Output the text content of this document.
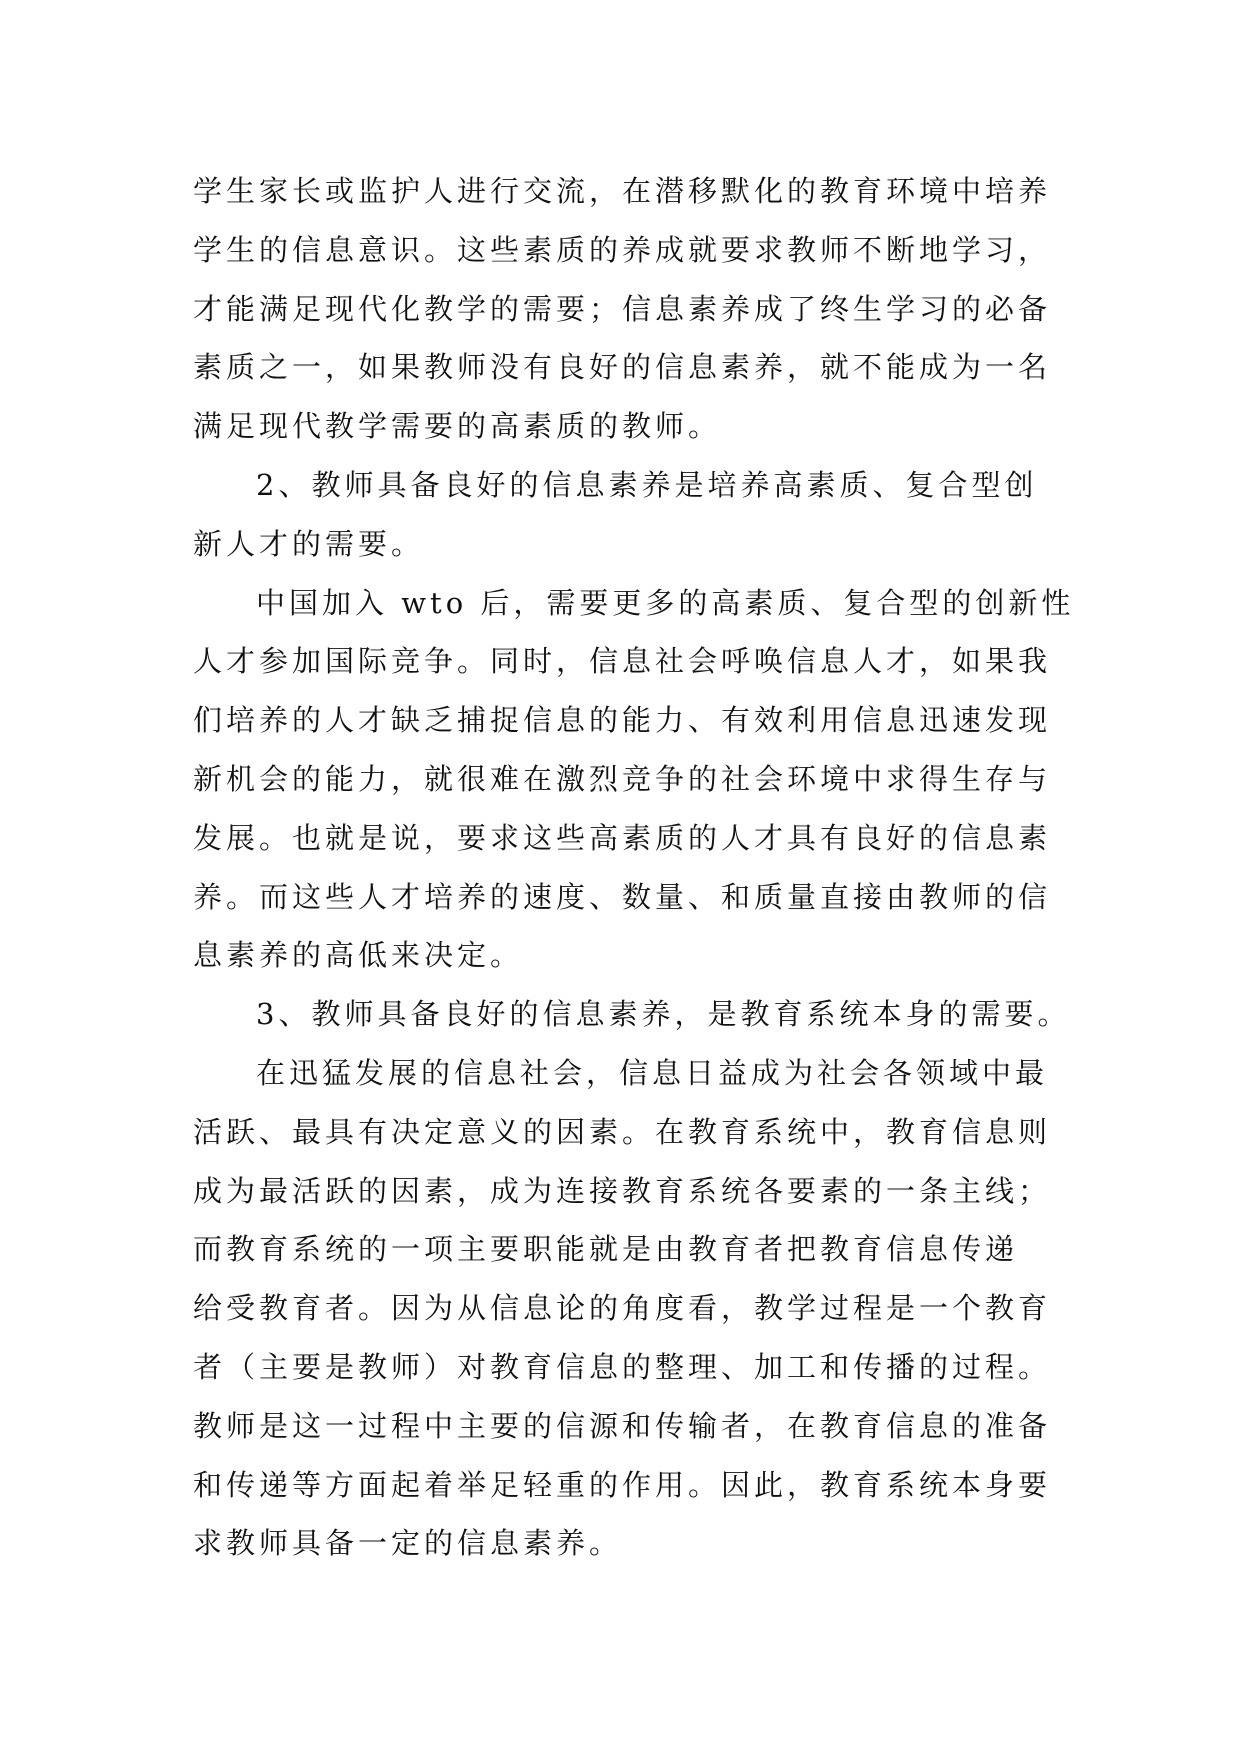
学生家长或监护人进行交流，在潜移默化的教育环境中培养
学生的信息意识。这些素质的养成就要求教师不断地学习，
才能满足现代化教学的需要；信息素养成了终生学习的必备
素质之一，如果教师没有良好的信息素养，就不能成为一名
满足现代教学需要的高素质的教师。
2、教师具备良好的信息素养是培养高素质、复合型创
新人才的需要。
中国加入 wto 后，需要更多的高素质、复合型的创新性
人才参加国际竞争。同时，信息社会呼唤信息人才，如果我
们培养的人才缺乏捕捉信息的能力、有效利用信息迅速发现
新机会的能力，就很难在激烈竞争的社会环境中求得生存与
发展。也就是说，要求这些高素质的人才具有良好的信息素
养。而这些人才培养的速度、数量、和质量直接由教师的信
息素养的高低来决定。
3、教师具备良好的信息素养，是教育系统本身的需要。
在迅猛发展的信息社会，信息日益成为社会各领域中最
活跃、最具有决定意义的因素。在教育系统中，教育信息则
成为最活跃的因素，成为连接教育系统各要素的一条主线；
而教育系统的一项主要职能就是由教育者把教育信息传递
给受教育者。因为从信息论的角度看，教学过程是一个教育
者（主要是教师）对教育信息的整理、加工和传播的过程。
教师是这一过程中主要的信源和传输者，在教育信息的准备
和传递等方面起着举足轻重的作用。因此，教育系统本身要
求教师具备一定的信息素养。
